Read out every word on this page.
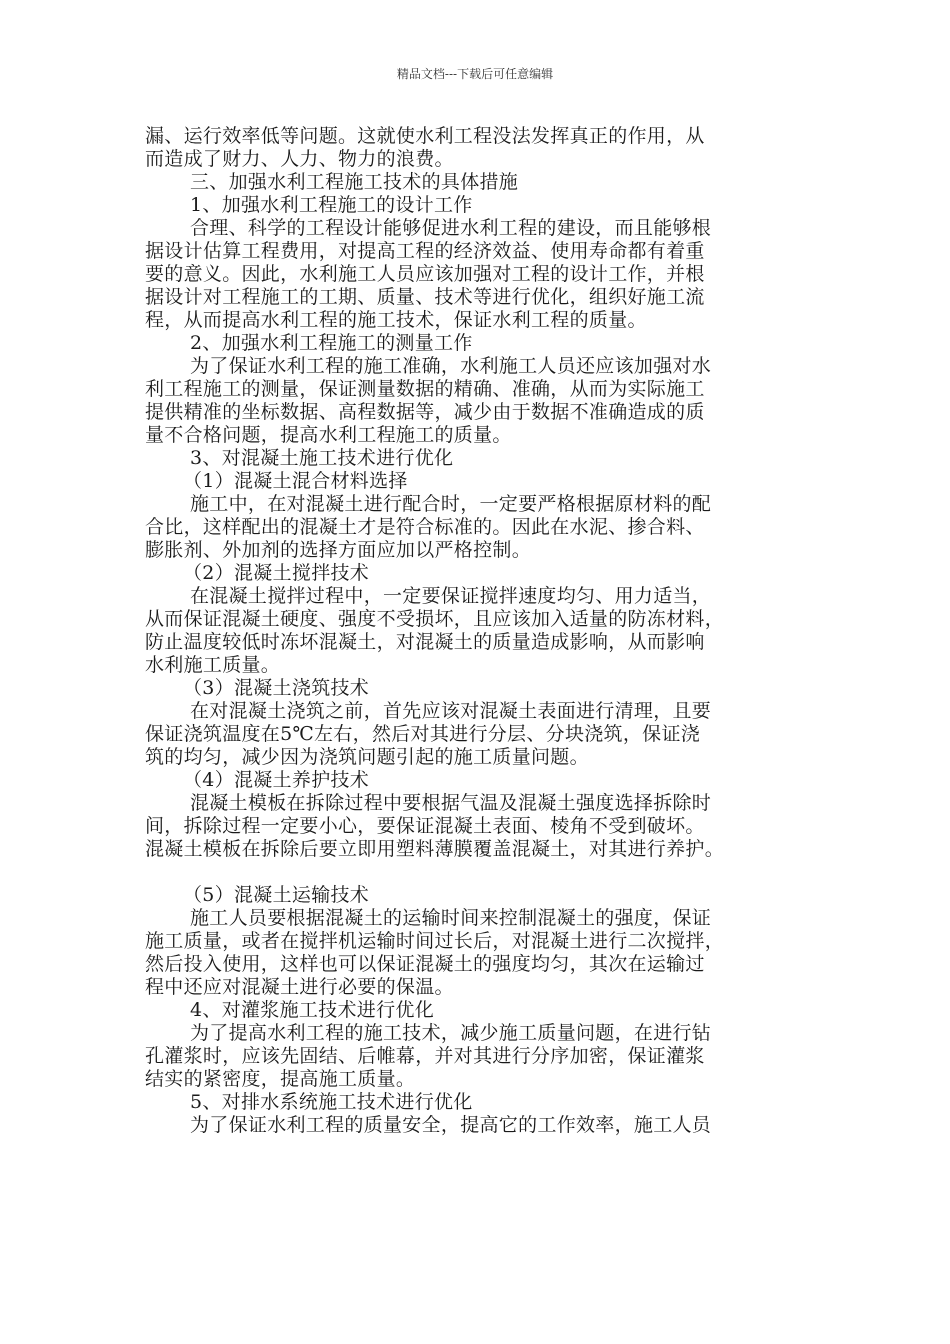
精品文档---下载后可任意编辑

漏、运行效率低等问题。这就使水利工程没法发挥真正的作用，从

而造成了财力、人力、物力的浪费。

三、加强水利工程施工技术的具体措施

1、加强水利工程施工的设计工作

合理、科学的工程设计能够促进水利工程的建设，而且能够根

据设计估算工程费用，对提高工程的经济效益、使用寿命都有着重

要的意义。因此，水利施工人员应该加强对工程的设计工作，并根

据设计对工程施工的工期、质量、技术等进行优化，组织好施工流

程，从而提高水利工程的施工技术，保证水利工程的质量。

2、加强水利工程施工的测量工作

为了保证水利工程的施工准确，水利施工人员还应该加强对水

利工程施工的测量，保证测量数据的精确、准确，从而为实际施工

提供精准的坐标数据、高程数据等，减少由于数据不准确造成的质

量不合格问题，提高水利工程施工的质量。

3、对混凝土施工技术进行优化

（1）混凝土混合材料选择

施工中，在对混凝土进行配合时，一定要严格根据原材料的配

合比，这样配出的混凝土才是符合标准的。因此在水泥、掺合料、

膨胀剂、外加剂的选择方面应加以严格控制。

（2）混凝土搅拌技术

在混凝土搅拌过程中，一定要保证搅拌速度均匀、用力适当，

从而保证混凝土硬度、强度不受损坏，且应该加入适量的防冻材料，

防止温度较低时冻坏混凝土，对混凝土的质量造成影响，从而影响

水利施工质量。

（3）混凝土浇筑技术

在对混凝土浇筑之前，首先应该对混凝土表面进行清理，且要

保证浇筑温度在5℃左右，然后对其进行分层、分块浇筑，保证浇

筑的均匀，减少因为浇筑问题引起的施工质量问题。

（4）混凝土养护技术

混凝土模板在拆除过程中要根据气温及混凝土强度选择拆除时

间，拆除过程一定要小心，要保证混凝土表面、棱角不受到破坏。

混凝土模板在拆除后要立即用塑料薄膜覆盖混凝土，对其进行养护。

（5）混凝土运输技术

施工人员要根据混凝土的运输时间来控制混凝土的强度，保证

施工质量，或者在搅拌机运输时间过长后，对混凝土进行二次搅拌，

然后投入使用，这样也可以保证混凝土的强度均匀，其次在运输过

程中还应对混凝土进行必要的保温。

4、对灌浆施工技术进行优化

为了提高水利工程的施工技术，减少施工质量问题，在进行钻

孔灌浆时，应该先固结、后帷幕，并对其进行分序加密，保证灌浆

结实的紧密度，提高施工质量。

5、对排水系统施工技术进行优化

为了保证水利工程的质量安全，提高它的工作效率，施工人员
